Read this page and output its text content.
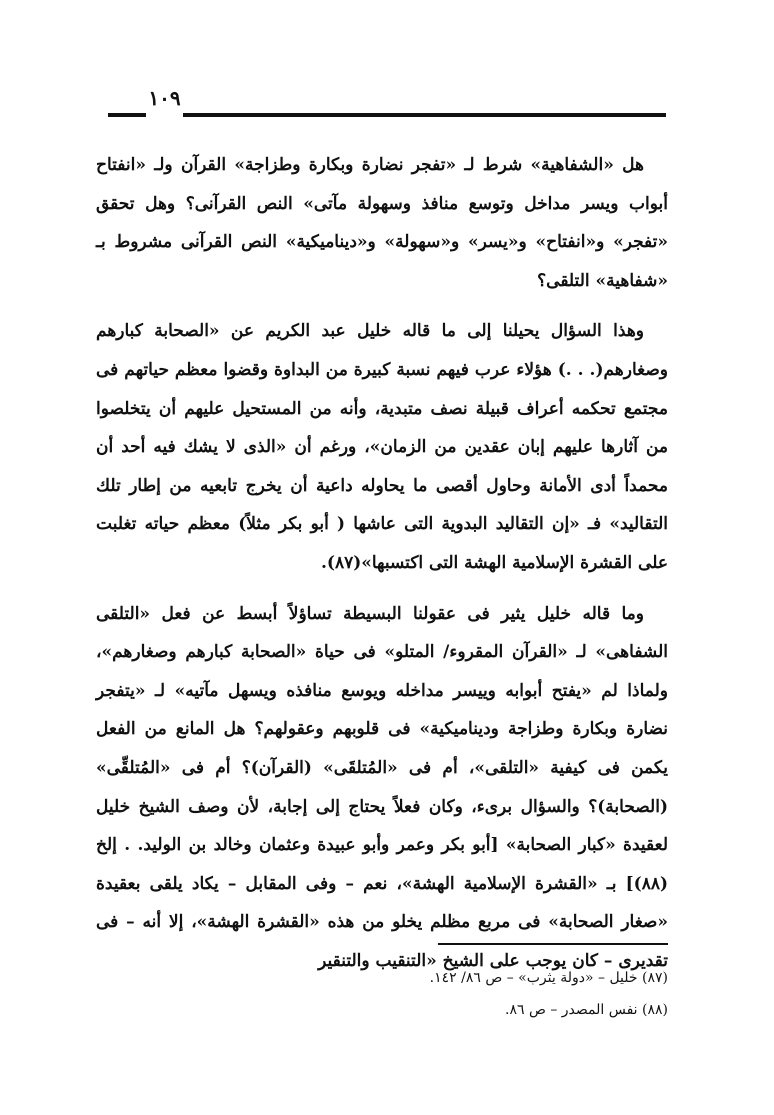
١٠٩

هل «الشفاهية» شرط لـ «تفجر نضارة وبكارة وطزاجة» القرآن ولـ «انفتاح أبواب ويسر مداخل وتوسع منافذ وسهولة مآتى» النص القرآنى؟ وهل تحقق «تفجر» و«انفتاح» و«يسر» و«سهولة» و«ديناميكية» النص القرآنى مشروط بـ «شفاهية» التلقى؟

وهذا السؤال يحيلنا إلى ما قاله خليل عبد الكريم عن «الصحابة كبارهم وصغارهم(. . .) هؤلاء عرب فيهم نسبة كبيرة من البداوة وقضوا معظم حياتهم فى مجتمع تحكمه أعراف قبيلة نصف متبدية، وأنه من المستحيل عليهم أن يتخلصوا من آثارها عليهم إبان عقدين من الزمان»، ورغم أن «الذى لا يشك فيه أحد أن محمداً أدى الأمانة وحاول أقصى ما يحاوله داعية أن يخرج تابعيه من إطار تلك التقاليد» فـ «إن التقاليد البدوية التى عاشها ( أبو بكر مثلاً) معظم حياته تغلبت على القشرة الإسلامية الهشة التى اكتسبها»(٨٧).

وما قاله خليل يثير فى عقولنا البسيطة تساؤلاً أبسط عن فعل «التلقى الشفاهى» لـ «القرآن المقروء/ المتلو» فى حياة «الصحابة كبارهم وصغارهم»، ولماذا لم «يفتح أبوابه وييسر مداخله ويوسع منافذه ويسهل مآتيه» لـ «يتفجر نضارة وبكارة وطزاجة وديناميكية» فى قلوبهم وعقولهم؟ هل المانع من الفعل يكمن فى كيفية «التلقى»، أم فى «المُتلقَى» (القرآن)؟ أم فى «المُتلقِّى» (الصحابة)؟ والسؤال برىء، وكان فعلاً يحتاج إلى إجابة، لأن وصف الشيخ خليل لعقيدة «كبار الصحابة» [أبو بكر وعمر وأبو عبيدة وعثمان وخالد بن الوليد. . إلخ (٨٨)] بـ «القشرة الإسلامية الهشة»، نعم – وفى المقابل – يكاد يلقى بعقيدة «صغار الصحابة» فى مربع مظلم يخلو من هذه «القشرة الهشة»، إلا أنه – فى تقديرى – كان يوجب على الشيخ «التنقيب والتنقير

(٨٧) خليل – «دولة يثرب» – ص ٨٦/ ١٤٢.

(٨٨) نفس المصدر – ص ٨٦.
